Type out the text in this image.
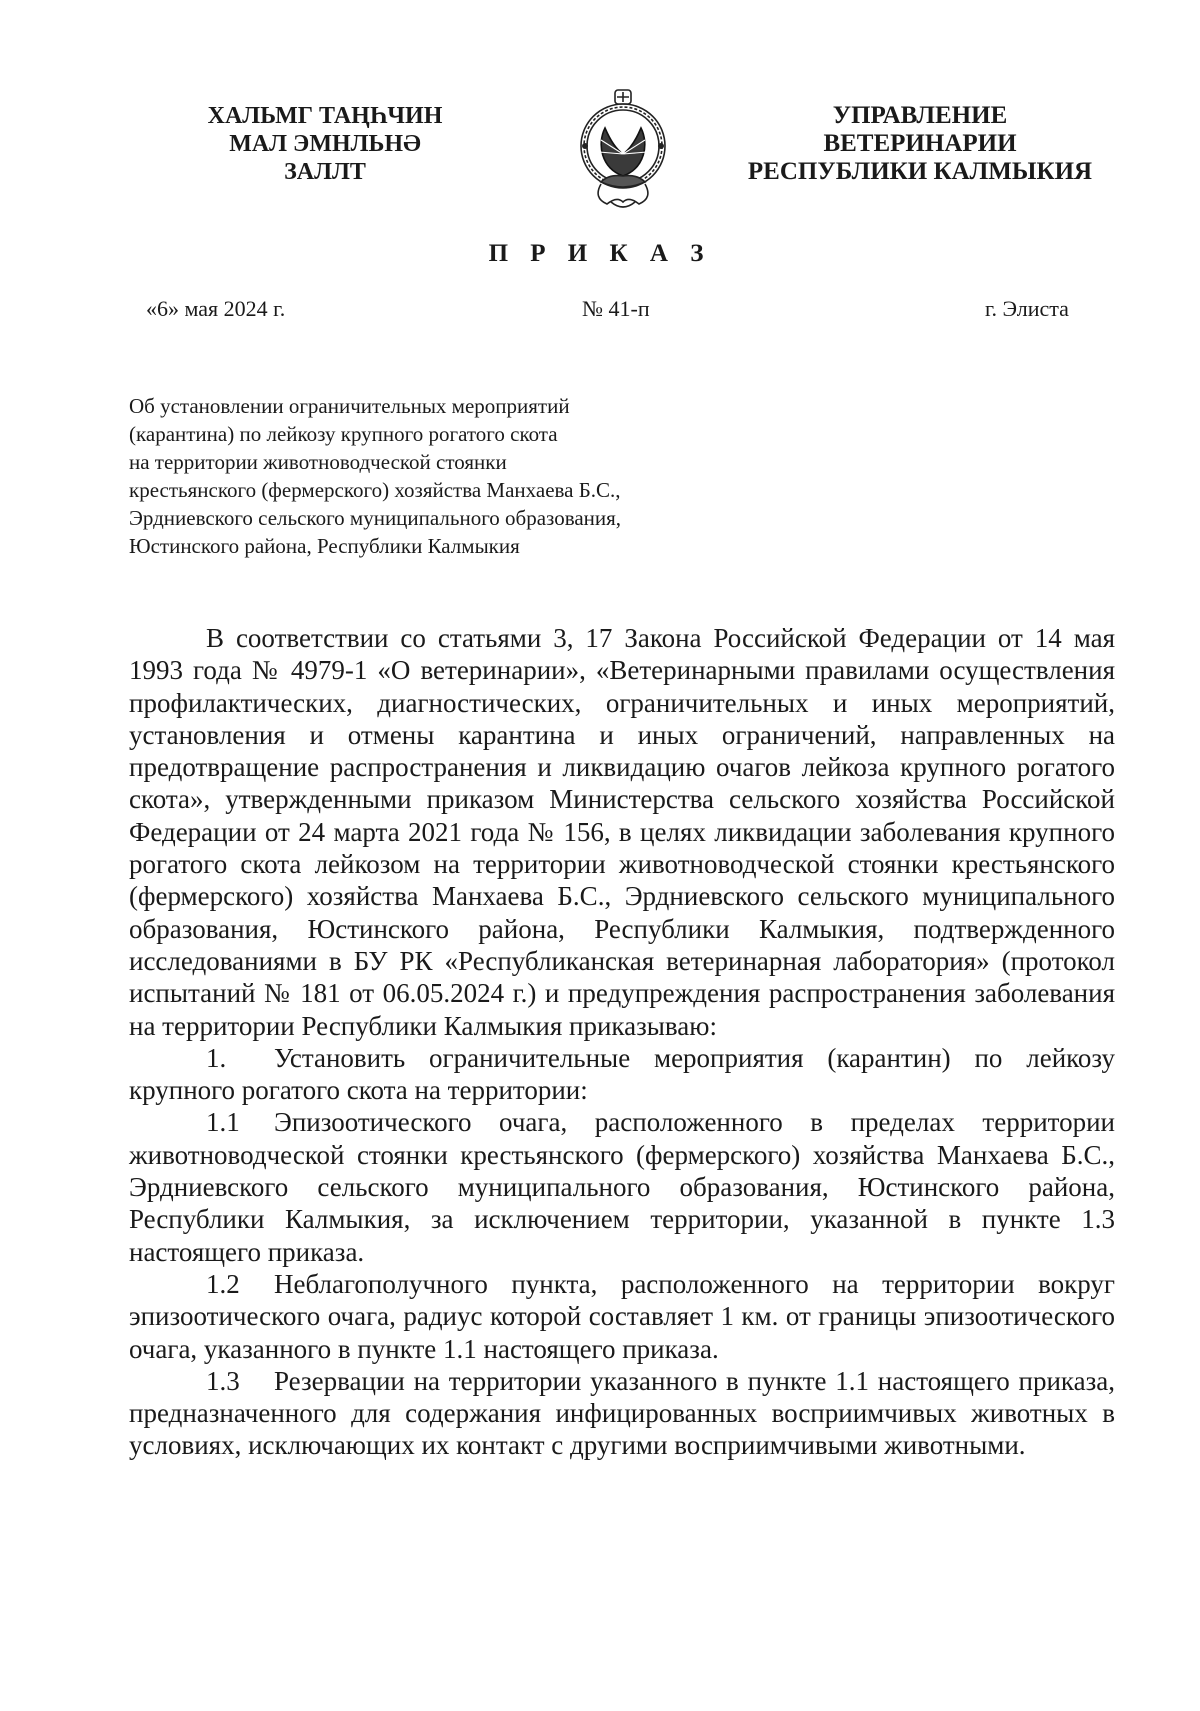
ХАЛЬМГ ТАҢҺЧИН
МАЛ ЭМНЛЬНӘ
ЗАЛЛТ
УПРАВЛЕНИЕ
ВЕТЕРИНАРИИ
РЕСПУБЛИКИ КАЛМЫКИЯ
П Р И К А З
«6» мая 2024 г.	№ 41-п	г. Элиста
Об установлении ограничительных мероприятий
(карантина) по лейкозу крупного рогатого скота
на территории животноводческой стоянки
крестьянского (фермерского) хозяйства Манхаева Б.С.,
Эрдниевского сельского муниципального образования,
Юстинского района, Республики Калмыкия

В соответствии со статьями 3, 17 Закона Российской Федерации от 14 мая 1993 года № 4979-1 «О ветеринарии», «Ветеринарными правилами осуществления профилактических, диагностических, ограничительных и иных мероприятий, установления и отмены карантина и иных ограничений, направленных на предотвращение распространения и ликвидацию очагов лейкоза крупного рогатого скота», утвержденными приказом Министерства сельского хозяйства Российской Федерации от 24 марта 2021 года № 156, в целях ликвидации заболевания крупного рогатого скота лейкозом на территории животноводческой стоянки крестьянского (фермерского) хозяйства Манхаева Б.С., Эрдниевского сельского муниципального образования, Юстинского района, Республики Калмыкия, подтвержденного исследованиями в БУ РК «Республиканская ветеринарная лаборатория» (протокол испытаний № 181 от 06.05.2024 г.) и предупреждения распространения заболевания на территории Республики Калмыкия приказываю:

1. Установить ограничительные мероприятия (карантин) по лейкозу крупного рогатого скота на территории:

1.1 Эпизоотического очага, расположенного в пределах территории животноводческой стоянки крестьянского (фермерского) хозяйства Манхаева Б.С., Эрдниевского сельского муниципального образования, Юстинского района, Республики Калмыкия, за исключением территории, указанной в пункте 1.3 настоящего приказа.

1.2 Неблагополучного пункта, расположенного на территории вокруг эпизоотического очага, радиус которой составляет 1 км. от границы эпизоотического очага, указанного в пункте 1.1 настоящего приказа.

1.3 Резервации на территории указанного в пункте 1.1 настоящего приказа, предназначенного для содержания инфицированных восприимчивых животных в условиях, исключающих их контакт с другими восприимчивыми животными.
